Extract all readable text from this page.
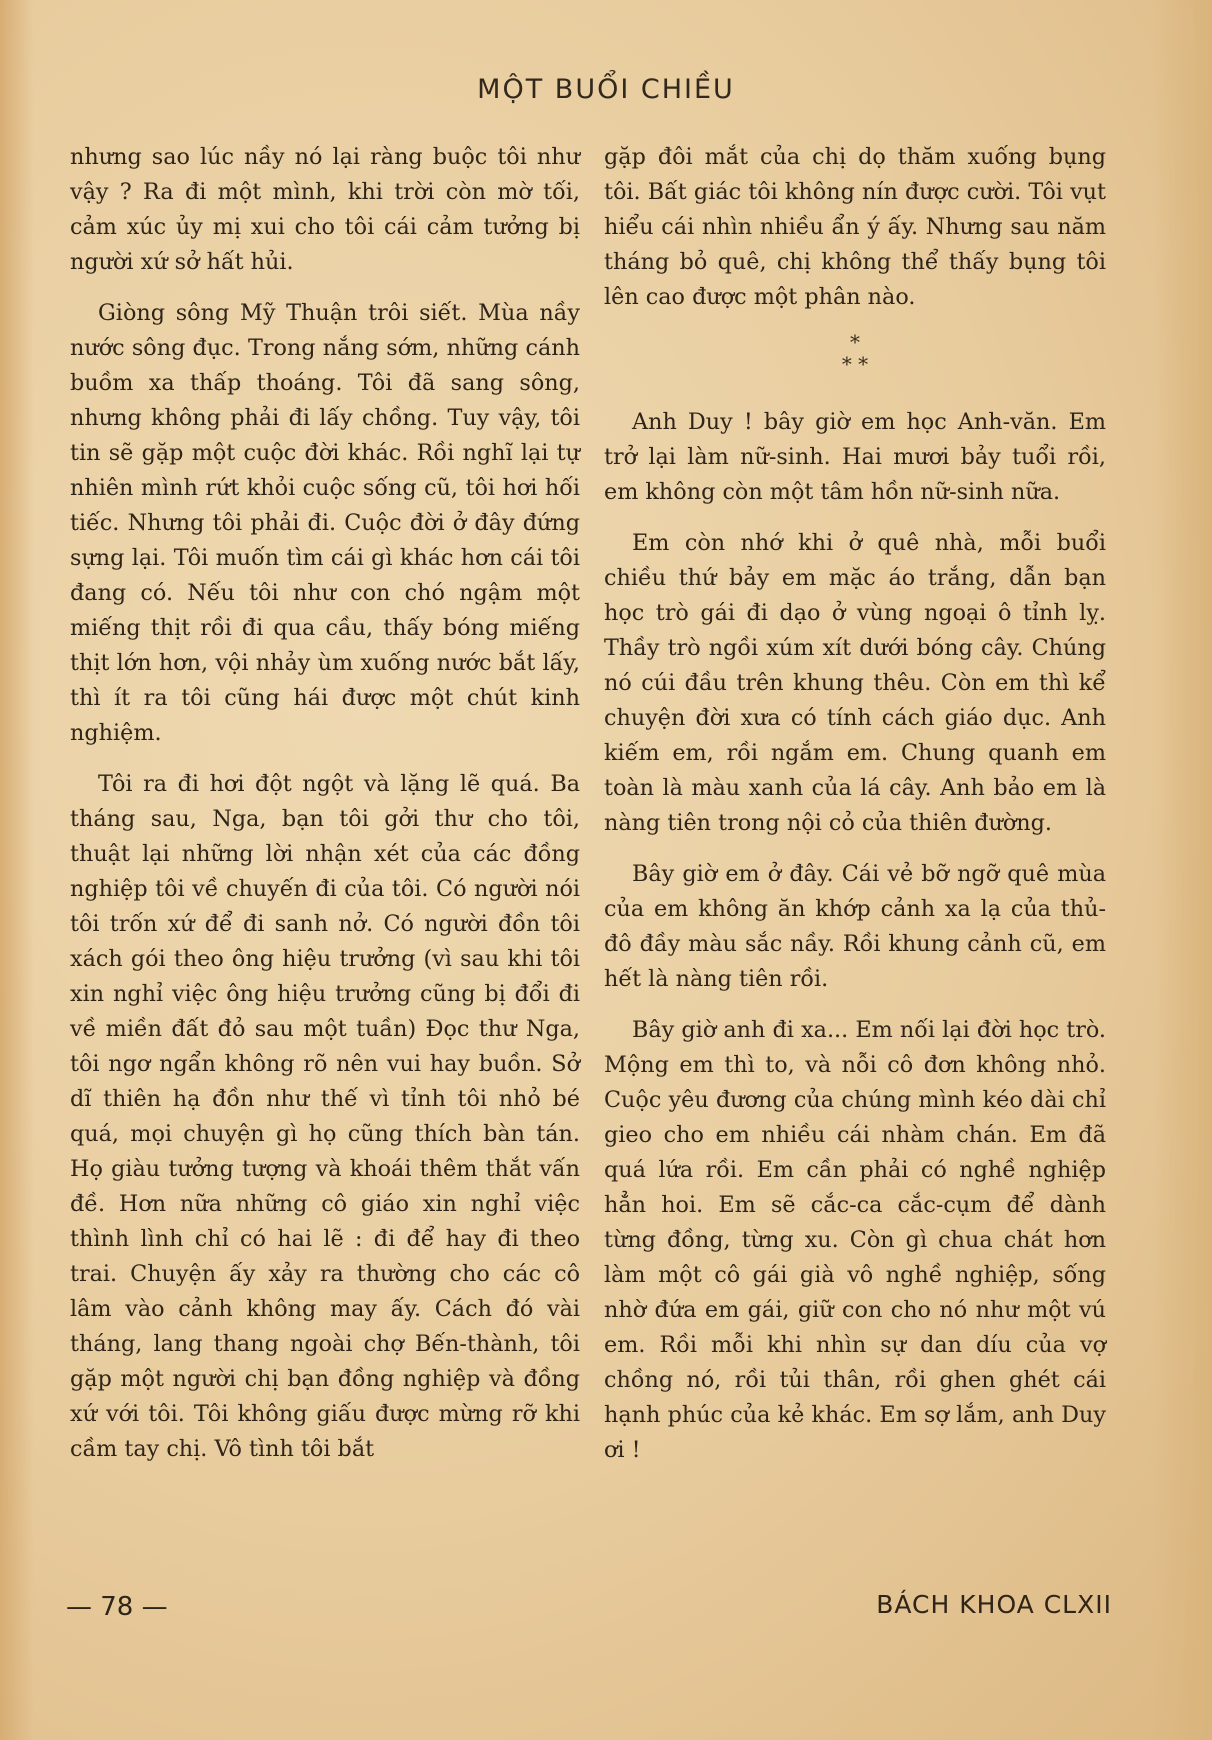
MỘT BUỔI CHIỀU

nhưng sao lúc nầy nó lại ràng buộc tôi như vậy ? Ra đi một mình, khi trời còn mờ tối, cảm xúc ủy mị xui cho tôi cái cảm tưởng bị người xứ sở hất hủi.

Giòng sông Mỹ Thuận trôi siết. Mùa nầy nước sông đục. Trong nắng sớm, những cánh buồm xa thấp thoáng. Tôi đã sang sông, nhưng không phải đi lấy chồng. Tuy vậy, tôi tin sẽ gặp một cuộc đời khác. Rồi nghĩ lại tự nhiên mình rứt khỏi cuộc sống cũ, tôi hơi hối tiếc. Nhưng tôi phải đi. Cuộc đời ở đây đứng sựng lại. Tôi muốn tìm cái gì khác hơn cái tôi đang có. Nếu tôi như con chó ngậm một miếng thịt rồi đi qua cầu, thấy bóng miếng thịt lớn hơn, vội nhảy ùm xuống nước bắt lấy, thì ít ra tôi cũng hái được một chút kinh nghiệm.

Tôi ra đi hơi đột ngột và lặng lẽ quá. Ba tháng sau, Nga, bạn tôi gởi thư cho tôi, thuật lại những lời nhận xét của các đồng nghiệp tôi về chuyến đi của tôi. Có người nói tôi trốn xứ để đi sanh nở. Có người đồn tôi xách gói theo ông hiệu trưởng (vì sau khi tôi xin nghỉ việc ông hiệu trưởng cũng bị đổi đi về miền đất đỏ sau một tuần) Đọc thư Nga, tôi ngơ ngẩn không rõ nên vui hay buồn. Sở dĩ thiên hạ đồn như thế vì tỉnh tôi nhỏ bé quá, mọi chuyện gì họ cũng thích bàn tán. Họ giàu tưởng tượng và khoái thêm thắt vấn đề. Hơn nữa những cô giáo xin nghỉ việc thình lình chỉ có hai lẽ : đi để hay đi theo trai. Chuyện ấy xảy ra thường cho các cô lâm vào cảnh không may ấy. Cách đó vài tháng, lang thang ngoài chợ Bến-thành, tôi gặp một người chị bạn đồng nghiệp và đồng xứ với tôi. Tôi không giấu được mừng rỡ khi cầm tay chị. Vô tình tôi bắt

gặp đôi mắt của chị dọ thăm xuống bụng tôi. Bất giác tôi không nín được cười. Tôi vụt hiểu cái nhìn nhiều ẩn ý ấy. Nhưng sau năm tháng bỏ quê, chị không thể thấy bụng tôi lên cao được một phân nào.

*
* *

Anh Duy ! bây giờ em học Anh-văn. Em trở lại làm nữ-sinh. Hai mươi bảy tuổi rồi, em không còn một tâm hồn nữ-sinh nữa.

Em còn nhớ khi ở quê nhà, mỗi buổi chiều thứ bảy em mặc áo trắng, dẫn bạn học trò gái đi dạo ở vùng ngoại ô tỉnh lỵ. Thầy trò ngồi xúm xít dưới bóng cây. Chúng nó cúi đầu trên khung thêu. Còn em thì kể chuyện đời xưa có tính cách giáo dục. Anh kiếm em, rồi ngắm em. Chung quanh em toàn là màu xanh của lá cây. Anh bảo em là nàng tiên trong nội cỏ của thiên đường.

Bây giờ em ở đây. Cái vẻ bỡ ngỡ quê mùa của em không ăn khớp cảnh xa lạ của thủ-đô đầy màu sắc nầy. Rồi khung cảnh cũ, em hết là nàng tiên rồi.

Bây giờ anh đi xa... Em nối lại đời học trò. Mộng em thì to, và nỗi cô đơn không nhỏ. Cuộc yêu đương của chúng mình kéo dài chỉ gieo cho em nhiều cái nhàm chán. Em đã quá lứa rồi. Em cần phải có nghề nghiệp hẳn hoi. Em sẽ cắc-ca cắc-cụm để dành từng đồng, từng xu. Còn gì chua chát hơn làm một cô gái già vô nghề nghiệp, sống nhờ đứa em gái, giữ con cho nó như một vú em. Rồi mỗi khi nhìn sự dan díu của vợ chồng nó, rồi tủi thân, rồi ghen ghét cái hạnh phúc của kẻ khác. Em sợ lắm, anh Duy ơi !

— 78 —	BÁCH KHOA CLXII
